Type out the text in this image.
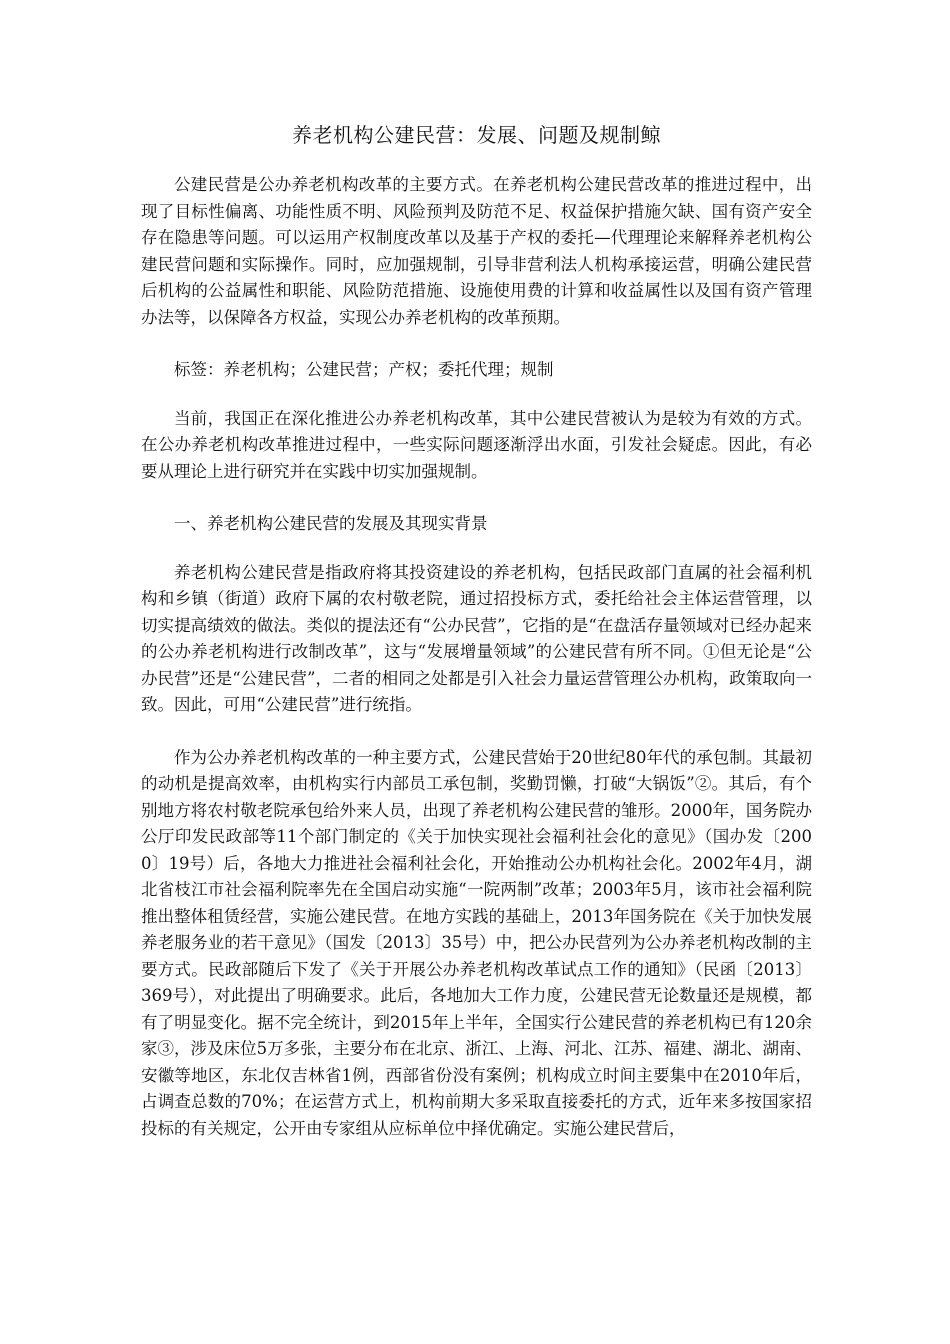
养老机构公建民营：发展、问题及规制鲸

公建民营是公办养老机构改革的主要方式。在养老机构公建民营改革的推进过程中，出现了目标性偏离、功能性质不明、风险预判及防范不足、权益保护措施欠缺、国有资产安全存在隐患等问题。可以运用产权制度改革以及基于产权的委托—代理理论来解释养老机构公建民营问题和实际操作。同时，应加强规制，引导非营利法人机构承接运营，明确公建民营后机构的公益属性和职能、风险防范措施、设施使用费的计算和收益属性以及国有资产管理办法等，以保障各方权益，实现公办养老机构的改革预期。

标签：养老机构；公建民营；产权；委托代理；规制

当前，我国正在深化推进公办养老机构改革，其中公建民营被认为是较为有效的方式。在公办养老机构改革推进过程中，一些实际问题逐渐浮出水面，引发社会疑虑。因此，有必要从理论上进行研究并在实践中切实加强规制。

一、养老机构公建民营的发展及其现实背景

养老机构公建民营是指政府将其投资建设的养老机构，包括民政部门直属的社会福利机构和乡镇（街道）政府下属的农村敬老院，通过招投标方式，委托给社会主体运营管理，以切实提高绩效的做法。类似的提法还有“公办民营”，它指的是“在盘活存量领域对已经办起来的公办养老机构进行改制改革”，这与“发展增量领域”的公建民营有所不同。①但无论是“公办民营”还是“公建民营”，二者的相同之处都是引入社会力量运营管理公办机构，政策取向一致。因此，可用“公建民营”进行统指。

作为公办养老机构改革的一种主要方式，公建民营始于20世纪80年代的承包制。其最初的动机是提高效率，由机构实行内部员工承包制，奖勤罚懒，打破“大锅饭”②。其后，有个别地方将农村敬老院承包给外来人员，出现了养老机构公建民营的雏形。2000年，国务院办公厅印发民政部等11个部门制定的《关于加快实现社会福利社会化的意见》（国办发〔2000〕19号）后，各地大力推进社会福利社会化，开始推动公办机构社会化。2002年4月，湖北省枝江市社会福利院率先在全国启动实施“一院两制”改革；2003年5月，该市社会福利院推出整体租赁经营，实施公建民营。在地方实践的基础上，2013年国务院在《关于加快发展养老服务业的若干意见》（国发〔2013〕35号）中，把公办民营列为公办养老机构改制的主要方式。民政部随后下发了《关于开展公办养老机构改革试点工作的通知》（民函〔2013〕369号），对此提出了明确要求。此后，各地加大工作力度，公建民营无论数量还是规模，都有了明显变化。据不完全统计，到2015年上半年，全国实行公建民营的养老机构已有120余家③，涉及床位5万多张，主要分布在北京、浙江、上海、河北、江苏、福建、湖北、湖南、安徽等地区，东北仅吉林省1例，西部省份没有案例；机构成立时间主要集中在2010年后，占调查总数的70%；在运营方式上，机构前期大多采取直接委托的方式，近年来多按国家招投标的有关规定，公开由专家组从应标单位中择优确定。实施公建民营后，
